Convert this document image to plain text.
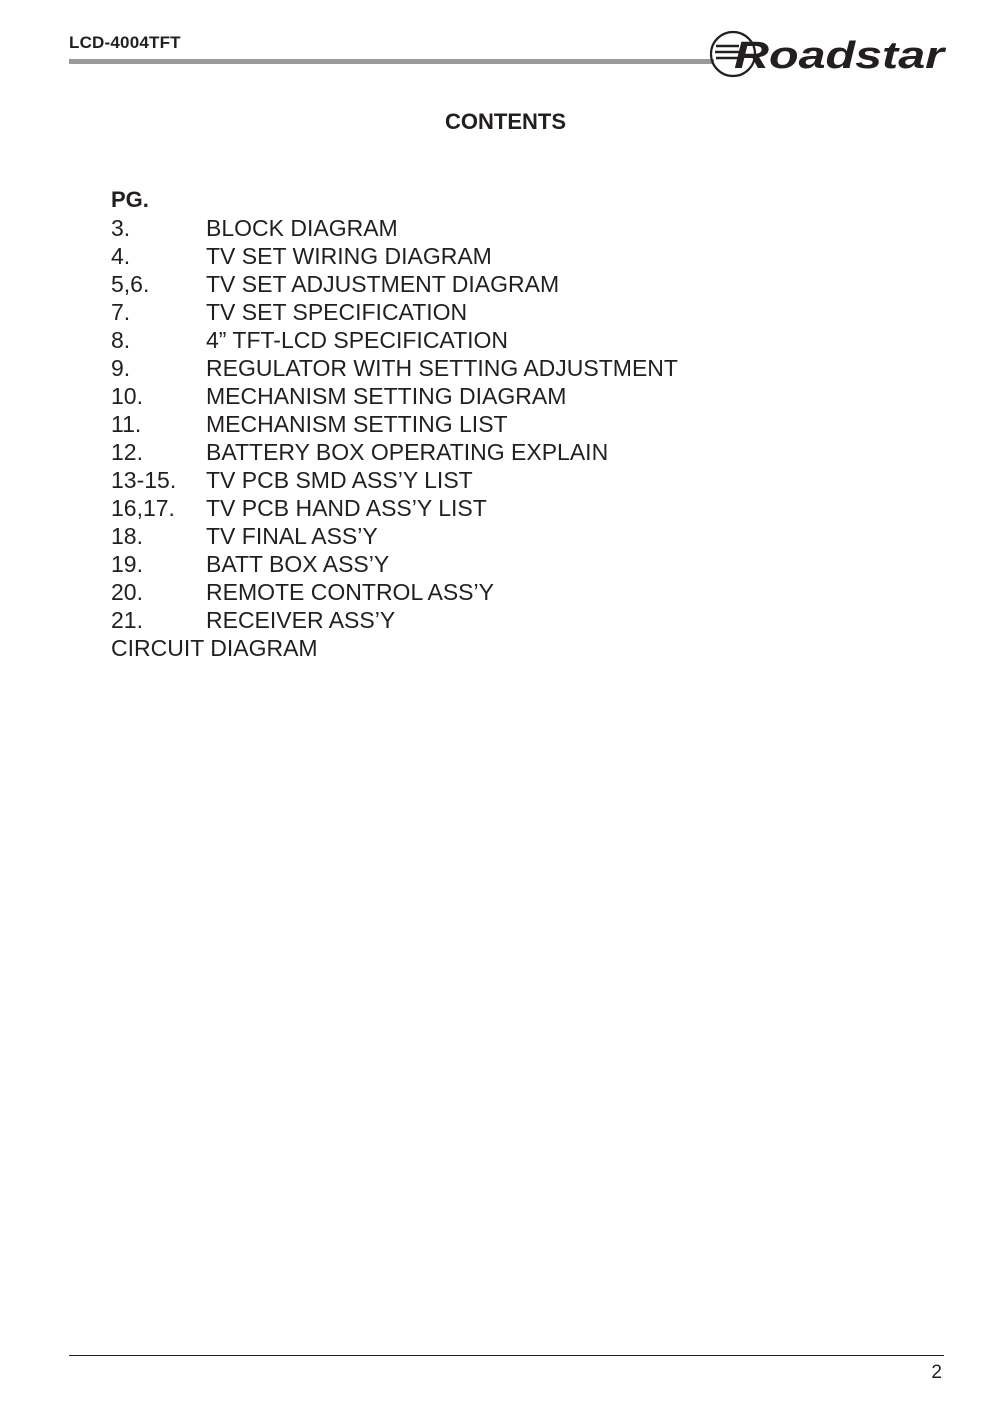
LCD-4004TFT	Roadstar
CONTENTS
PG.
3.	BLOCK DIAGRAM
4.	TV SET WIRING DIAGRAM
5,6. TV SET ADJUSTMENT DIAGRAM
7.	TV SET SPECIFICATION
8.	4” TFT-LCD SPECIFICATION
9.	REGULATOR WITH SETTING ADJUSTMENT
10.	MECHANISM SETTING DIAGRAM
11.	MECHANISM SETTING LIST
12.	BATTERY BOX OPERATING EXPLAIN
13-15. TV PCB SMD ASS’Y LIST
16,17. TV PCB HAND ASS’Y LIST
18.	TV FINAL ASS’Y
19.	BATT BOX ASS’Y
20.	REMOTE CONTROL ASS’Y
21.	RECEIVER ASS’Y
CIRCUIT DIAGRAM
2
